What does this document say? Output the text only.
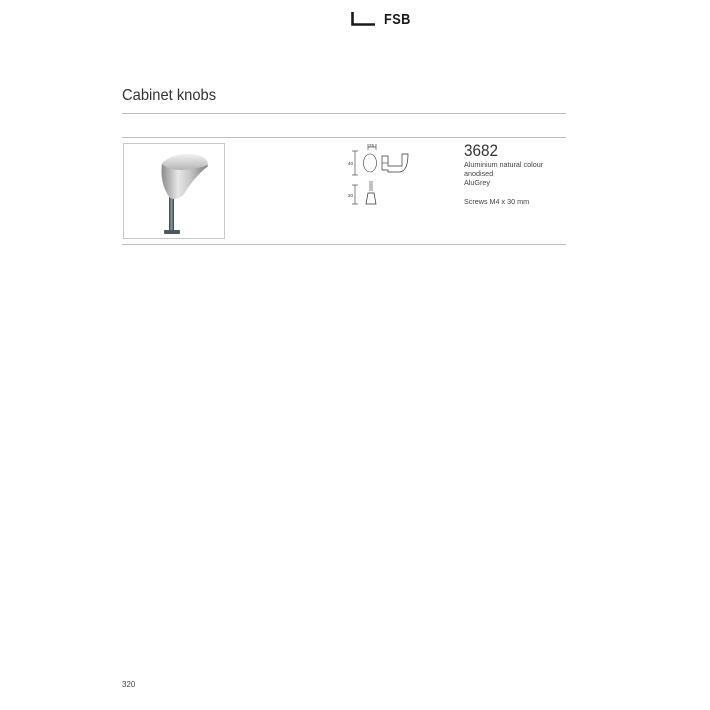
FSB
Cabinet knobs
25
40
30
3682
Aluminium natural colour
anodised
AluGrey
Screws M4 x 30 mm
320
